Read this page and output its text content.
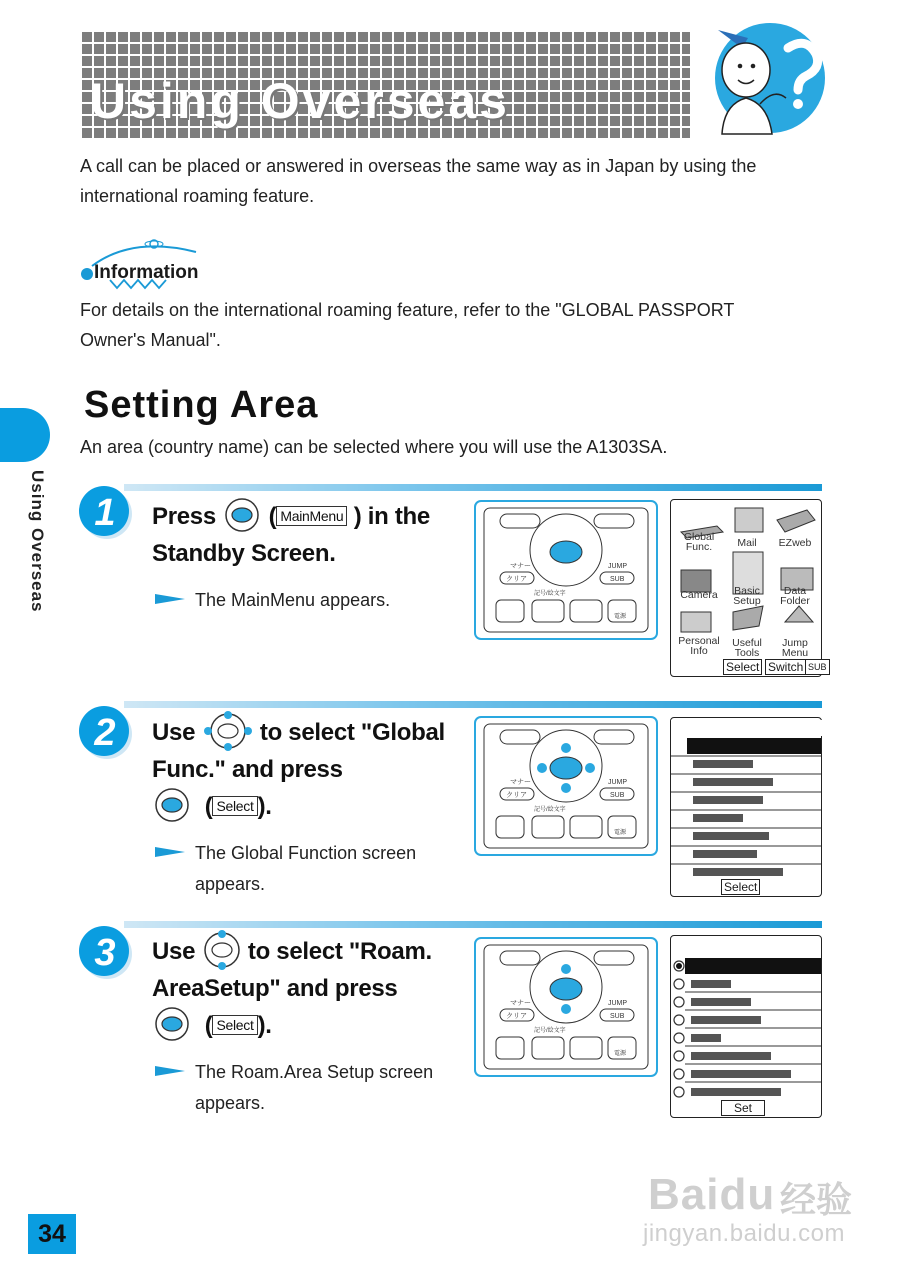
Using Overseas
A call can be placed or answered in overseas the same way as in Japan by using the international roaming feature.
Information
For details on the international roaming feature, refer to the "GLOBAL PASSPORT Owner's Manual".
Setting Area
An area (country name) can be selected where you will use the A1303SA.
Using Overseas 1 Press  ( MainMenu ) in the
Standby Screen.
The MainMenu appears.
マナー	JUMP
クリア	SUB
記号/絵文字
電源
Global Func.	Mail	EZweb
Camera	Basic Setup
Data Folder
Personal Info
Useful Tools
Jump Menu
Select Switch SUB
2 Use	to select "Global
Func." and press
( Select ).
The Global Function screen
appears.
マナー	JUMP
クリア	SUB
記号/絵文字
電源
Select
3 Use to select "Roam.
AreaSetup" and press
( Select ).
The Roam.Area Setup screen
appears.
マナー	JUMP
クリア	SUB
記号/絵文字
電源
Set
34
Baidu 经验
jingyan.baidu.com
